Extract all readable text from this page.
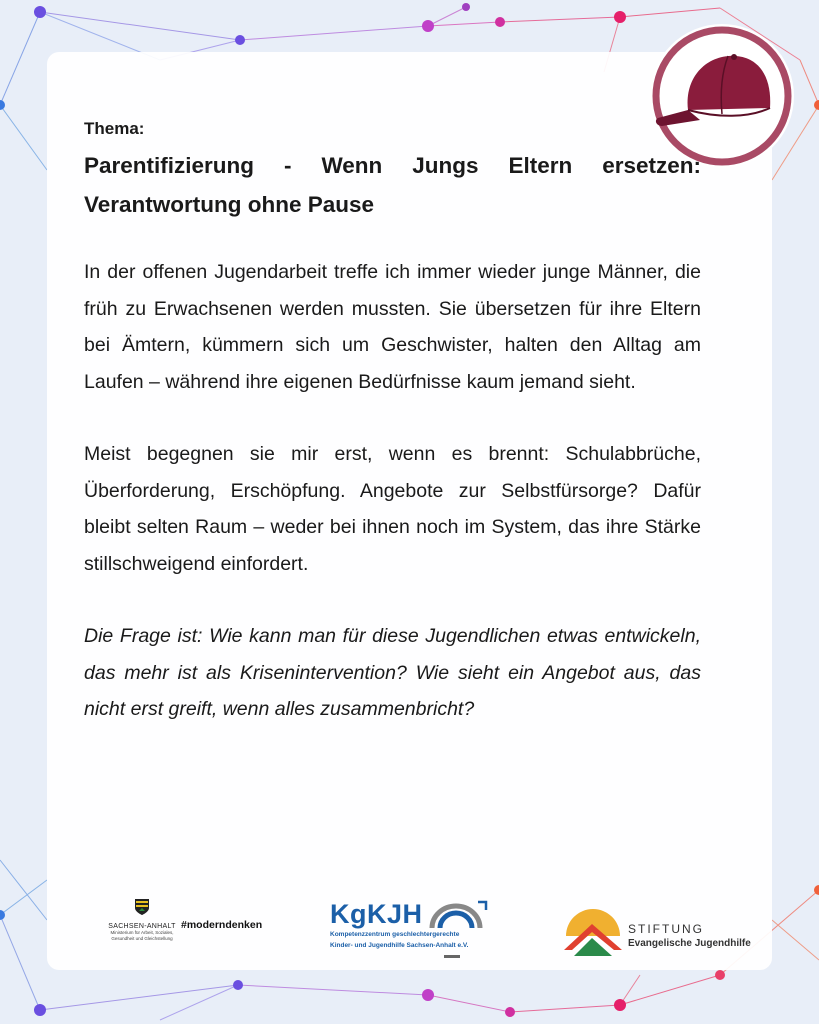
Thema:

Parentifizierung - Wenn Jungs Eltern ersetzen: Verantwortung ohne Pause

In der offenen Jugendarbeit treffe ich immer wieder junge Männer, die früh zu Erwachsenen werden mussten. Sie übersetzen für ihre Eltern bei Ämtern, kümmern sich um Geschwister, halten den Alltag am Laufen – während ihre eigenen Bedürfnisse kaum jemand sieht.

Meist begegnen sie mir erst, wenn es brennt: Schulabbrüche, Überforderung, Erschöpfung. Angebote zur Selbstfürsorge? Dafür bleibt selten Raum – weder bei ihnen noch im System, das ihre Stärke stillschweigend einfordert.

Die Frage ist: Wie kann man für diese Jugendlichen etwas entwickeln, das mehr ist als Krisenintervention? Wie sieht ein Angebot aus, das nicht erst greift, wenn alles zusammenbricht?

SACHSEN-ANHALT
Ministerium für Arbeit, Soziales, Gesundheit und Gleichstellung
#moderndenken	KgKJH
Kompetenzzentrum geschlechtergerechte
Kinder- und Jugendhilfe Sachsen-Anhalt e.V.
STIFTUNG
Evangelische Jugendhilfe
